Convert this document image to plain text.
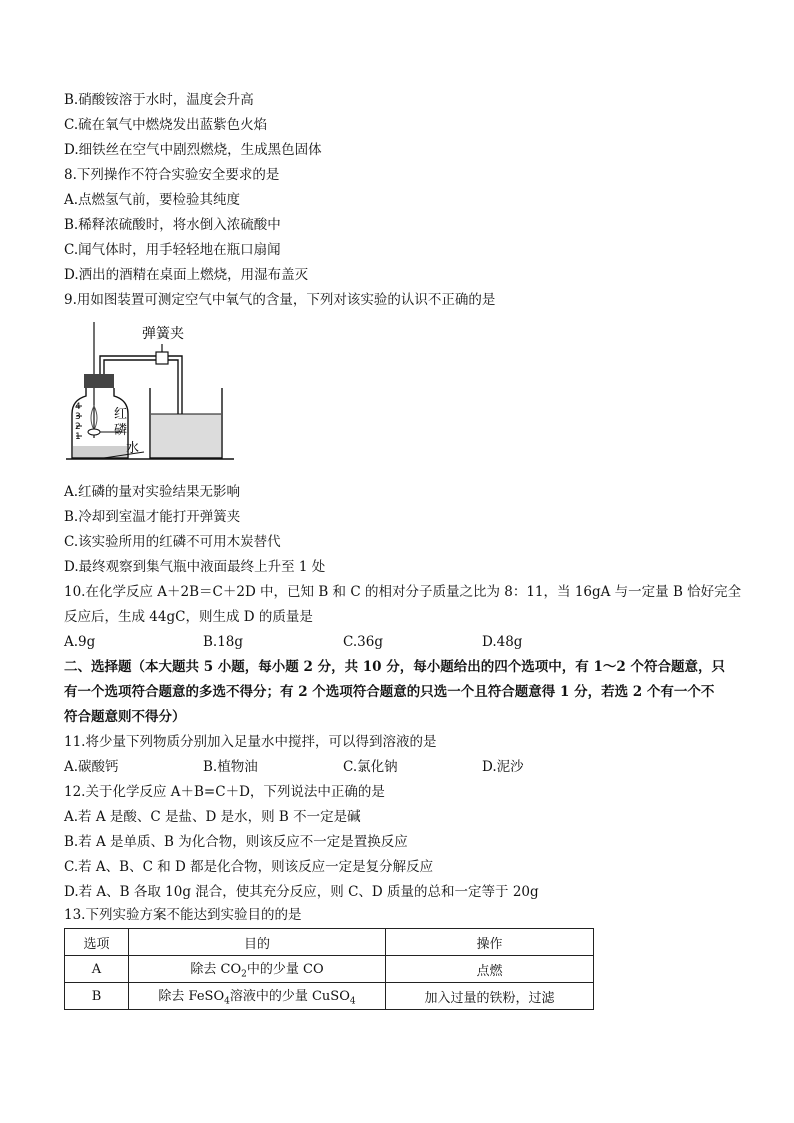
B.硝酸铵溶于水时，温度会升高
C.硫在氧气中燃烧发出蓝紫色火焰
D.细铁丝在空气中剧烈燃烧，生成黑色固体
8.下列操作不符合实验安全要求的是
A.点燃氢气前，要检验其纯度
B.稀释浓硫酸时，将水倒入浓硫酸中
C.闻气体时，用手轻轻地在瓶口扇闻
D.洒出的酒精在桌面上燃烧，用湿布盖灭
9.用如图装置可测定空气中氧气的含量，下列对该实验的认识不正确的是
弹簧夹
4
3
2
1
红
磷
水
A.红磷的量对实验结果无影响
B.冷却到室温才能打开弹簧夹
C.该实验所用的红磷不可用木炭替代
D.最终观察到集气瓶中液面最终上升至 1 处
10.在化学反应 A＋2B＝C＋2D 中，已知 B 和 C 的相对分子质量之比为 8：11，当 16gA 与一定量 B 恰好完全
反应后，生成 44gC，则生成 D 的质量是
A.9g	B.18g	C.36g	D.48g
二、选择题（本大题共 5 小题，每小题 2 分，共 10 分，每小题给出的四个选项中，有 1～2 个符合题意，只
有一个选项符合题意的多选不得分；有 2 个选项符合题意的只选一个且符合题意得 1 分，若选 2 个有一个不
符合题意则不得分）
11.将少量下列物质分别加入足量水中搅拌，可以得到溶液的是
A.碳酸钙	B.植物油	C.氯化钠	D.泥沙
12.关于化学反应 A＋B=C＋D，下列说法中正确的是
A.若 A 是酸、C 是盐、D 是水，则 B 不一定是碱
B.若 A 是单质、B 为化合物，则该反应不一定是置换反应
C.若 A、B、C 和 D 都是化合物，则该反应一定是复分解反应
D.若 A、B 各取 10g 混合，使其充分反应，则 C、D 质量的总和一定等于 20g
13.下列实验方案不能达到实验目的的是
选项	目的	操作
A	除去 $CO_2$中的少量 CO	点燃
B	除去 FeSO$_4$溶液中的少量 CuSO$_4$	加入过量的铁粉，过滤
